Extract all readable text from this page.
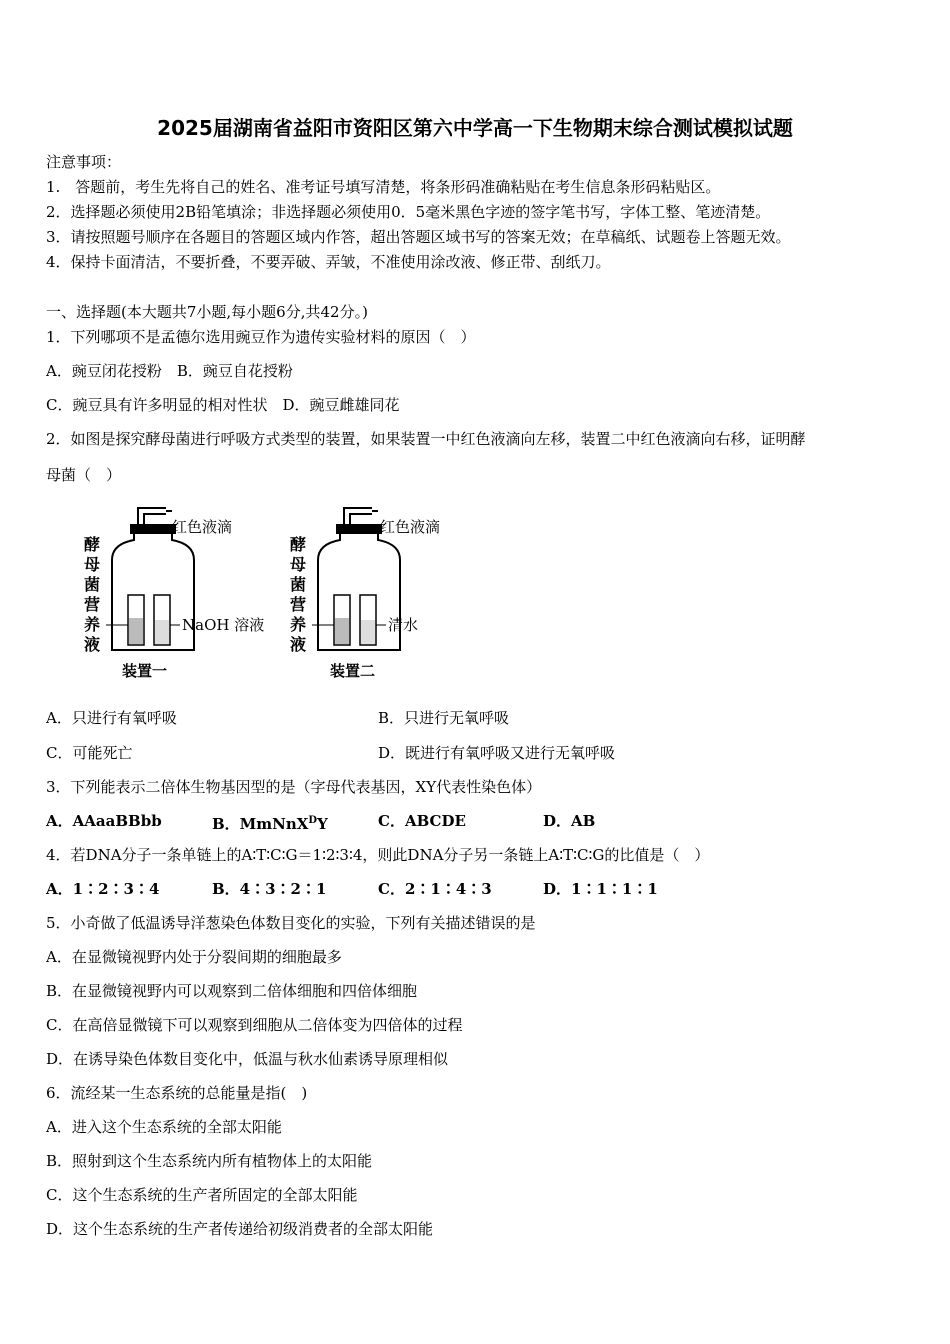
2025届湖南省益阳市资阳区第六中学高一下生物期末综合测试模拟试题
注意事项：
1.　答题前，考生先将自己的姓名、准考证号填写清楚，将条形码准确粘贴在考生信息条形码粘贴区。
2．选择题必须使用2B铅笔填涂；非选择题必须使用0．5毫米黑色字迹的签字笔书写，字体工整、笔迹清楚。
3．请按照题号顺序在各题目的答题区域内作答，超出答题区域书写的答案无效；在草稿纸、试题卷上答题无效。
4．保持卡面清洁，不要折叠，不要弄破、弄皱，不准使用涂改液、修正带、刮纸刀。
一、选择题(本大题共7小题,每小题6分,共42分。)
1．下列哪项不是孟德尔选用豌豆作为遗传实验材料的原因（　）
A．豌豆闭花授粉　B．豌豆自花授粉
C．豌豆具有许多明显的相对性状　D．豌豆雌雄同花
2．如图是探究酵母菌进行呼吸方式类型的装置，如果装置一中红色液滴向左移，装置二中红色液滴向右移，证明酵
母菌（　）
红色液滴
NaOH 溶液
酵
母
菌
营
养
液
装置一
红色液滴
清水
酵
母
菌
营
养
液
装置二
A．只进行有氧呼吸	B．只进行无氧呼吸
C．可能死亡	D．既进行有氧呼吸又进行无氧呼吸
3．下列能表示二倍体生物基因型的是（字母代表基因，XY代表性染色体）
A．AAaaBBbb	B．MmNnX$^D$Y	C．ABCDE	D．AB
4．若DNA分子一条单链上的A∶T∶C∶G＝1∶2∶3∶4，则此DNA分子另一条链上A∶T∶C∶G的比值是（　）
A．1∶2∶3∶4	B．4∶3∶2∶1	C．2∶1∶4∶3	D．1∶1∶1∶1
5．小奇做了低温诱导洋葱染色体数目变化的实验，下列有关描述错误的是
A．在显微镜视野内处于分裂间期的细胞最多
B．在显微镜视野内可以观察到二倍体细胞和四倍体细胞
C．在高倍显微镜下可以观察到细胞从二倍体变为四倍体的过程
D．在诱导染色体数目变化中，低温与秋水仙素诱导原理相似
6．流经某一生态系统的总能量是指(　)
A．进入这个生态系统的全部太阳能
B．照射到这个生态系统内所有植物体上的太阳能
C．这个生态系统的生产者所固定的全部太阳能
D．这个生态系统的生产者传递给初级消费者的全部太阳能
